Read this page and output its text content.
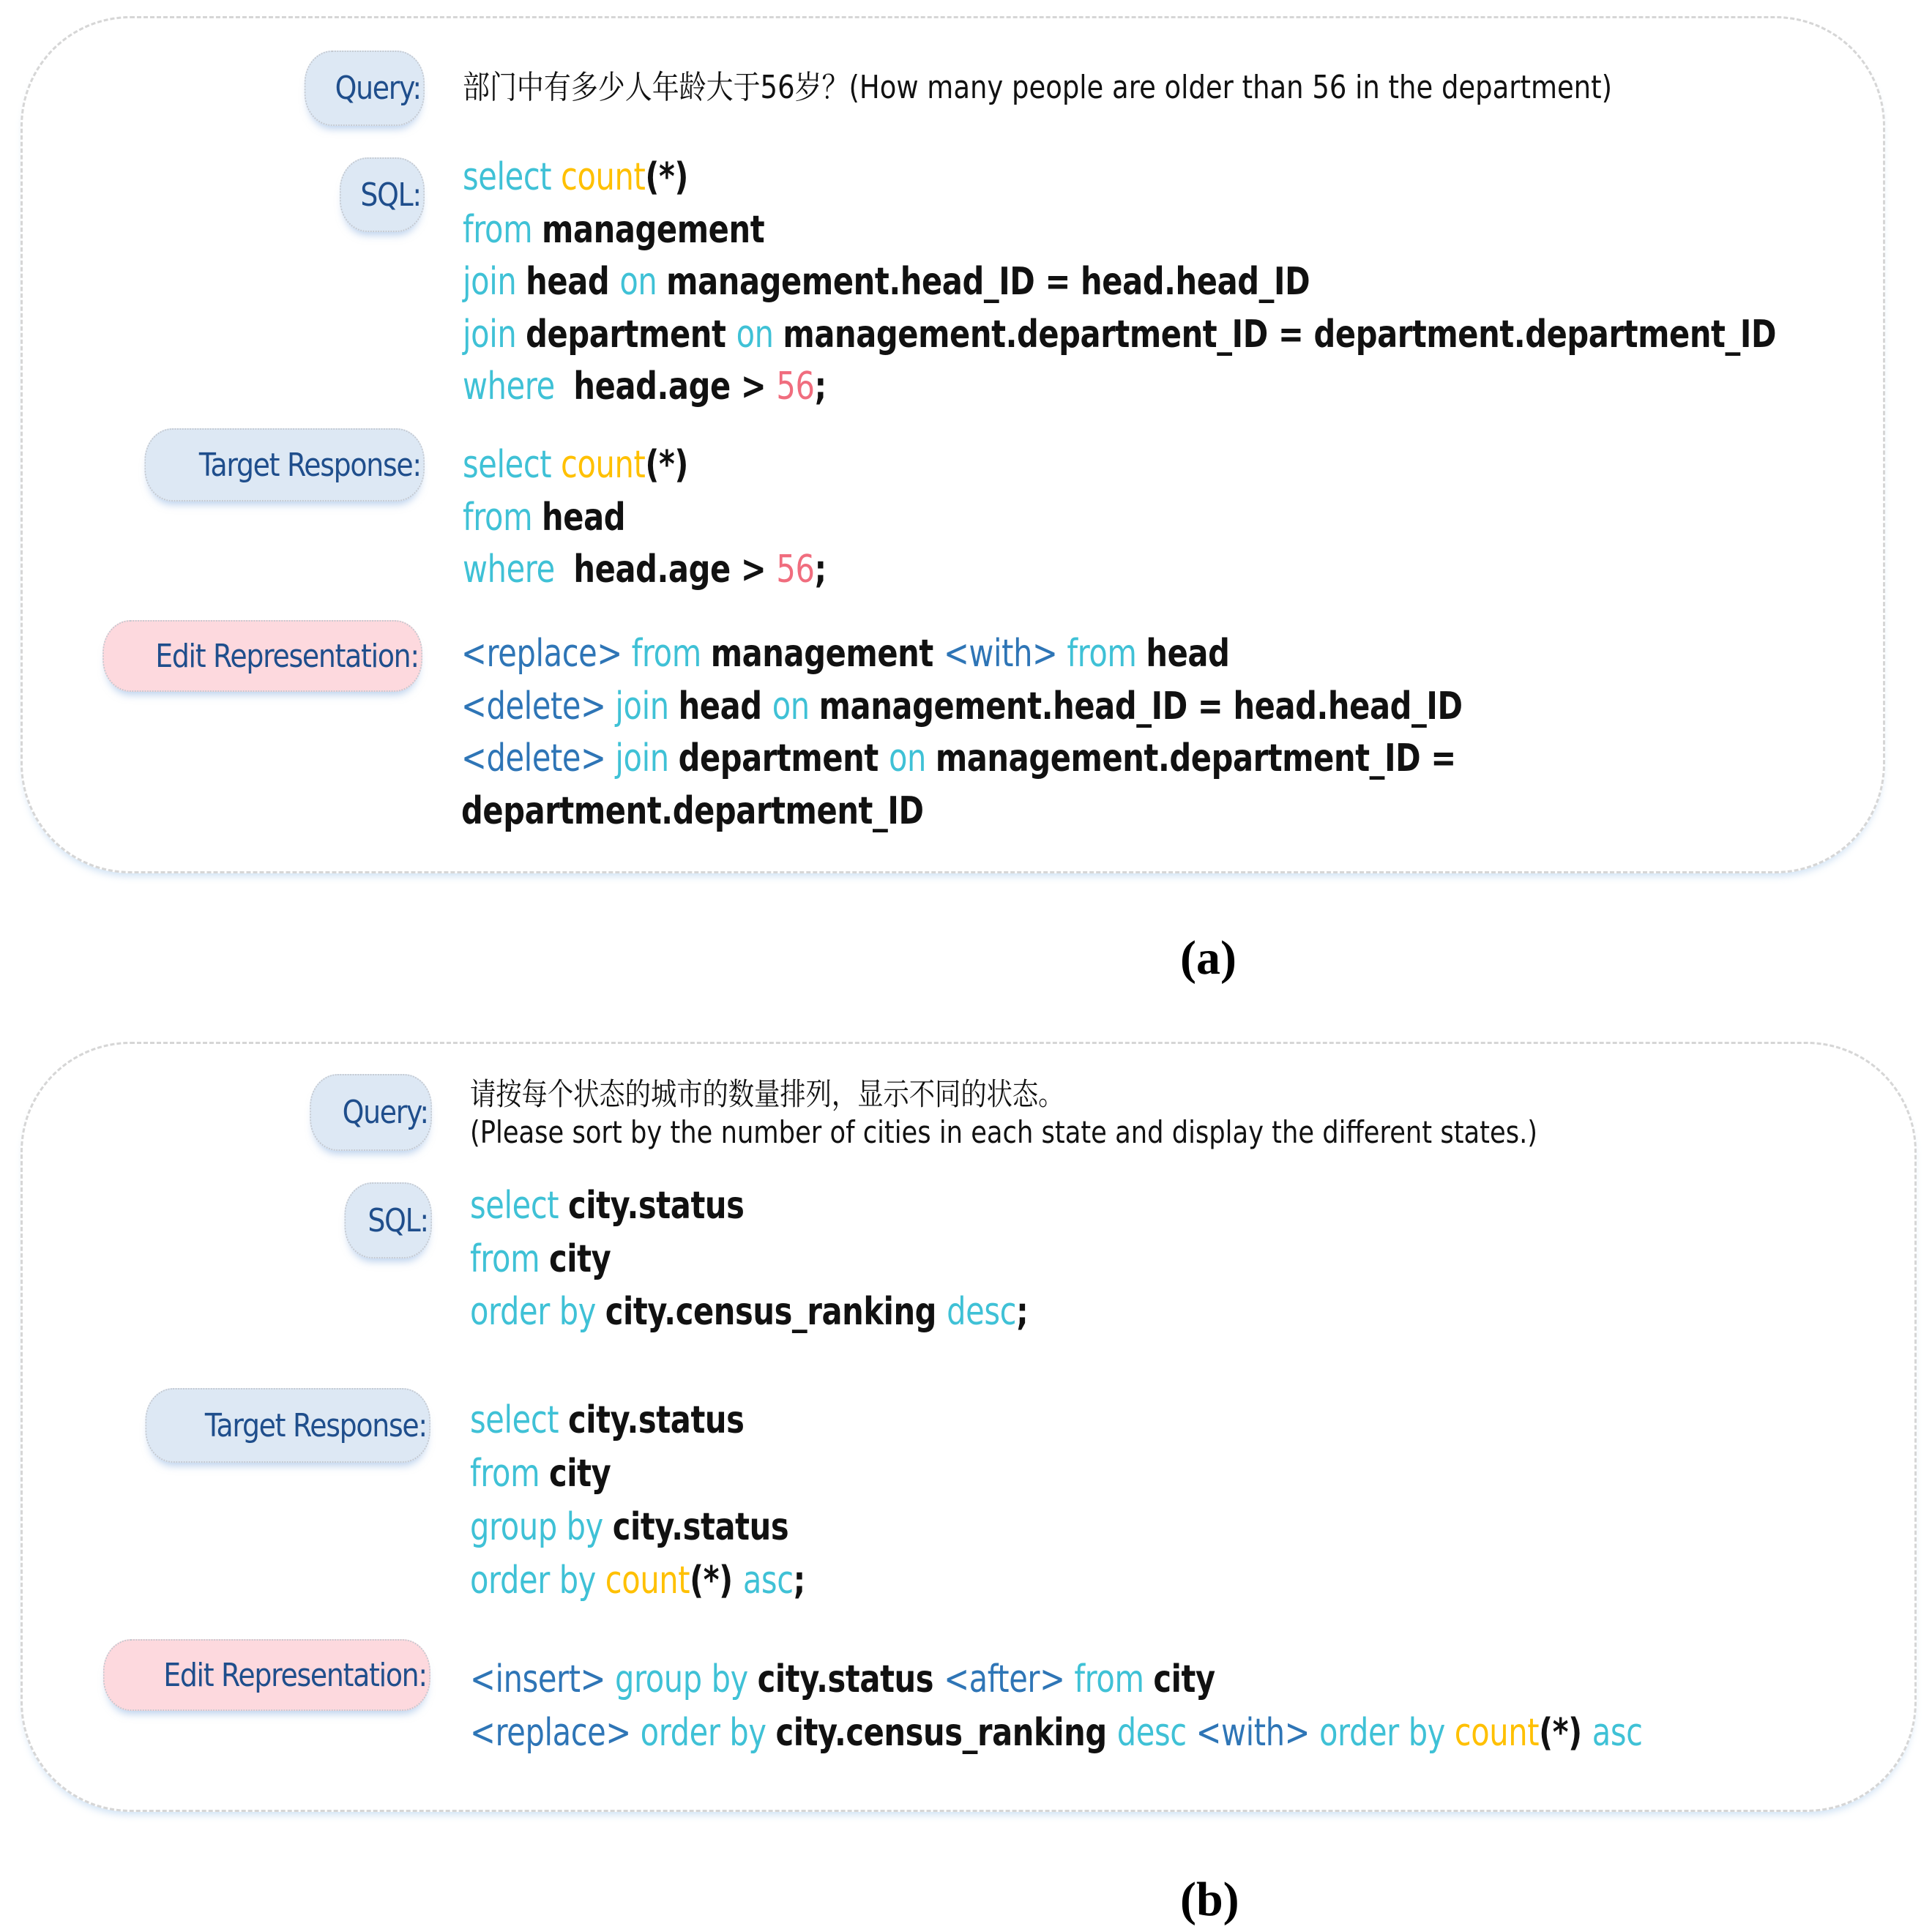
Query: 部门中有多少人年龄大于56岁？(How many people are older than 56 in the department)
SQL: select count(*)
from management
join head on management.head_ID = head.head_ID
join department on management.department_ID = department.department_ID
where  head.age > 56;
Target Response: select count(*)
from head
where  head.age > 56;
Edit Representation: <replace> from management <with> from head
<delete> join head on management.head_ID = head.head_ID
<delete> join department on management.department_ID =
department.department_ID
(a)
Query: 请按每个状态的城市的数量排列，显示不同的状态。
(Please sort by the number of cities in each state and display the different states.)
SQL: select city.status
from city
order by city.census_ranking desc;
Target Response: select city.status
from city
group by city.status
order by count(*) asc;
Edit Representation: <insert> group by city.status <after> from city
<replace> order by city.census_ranking desc <with> order by count(*) asc
(b)
